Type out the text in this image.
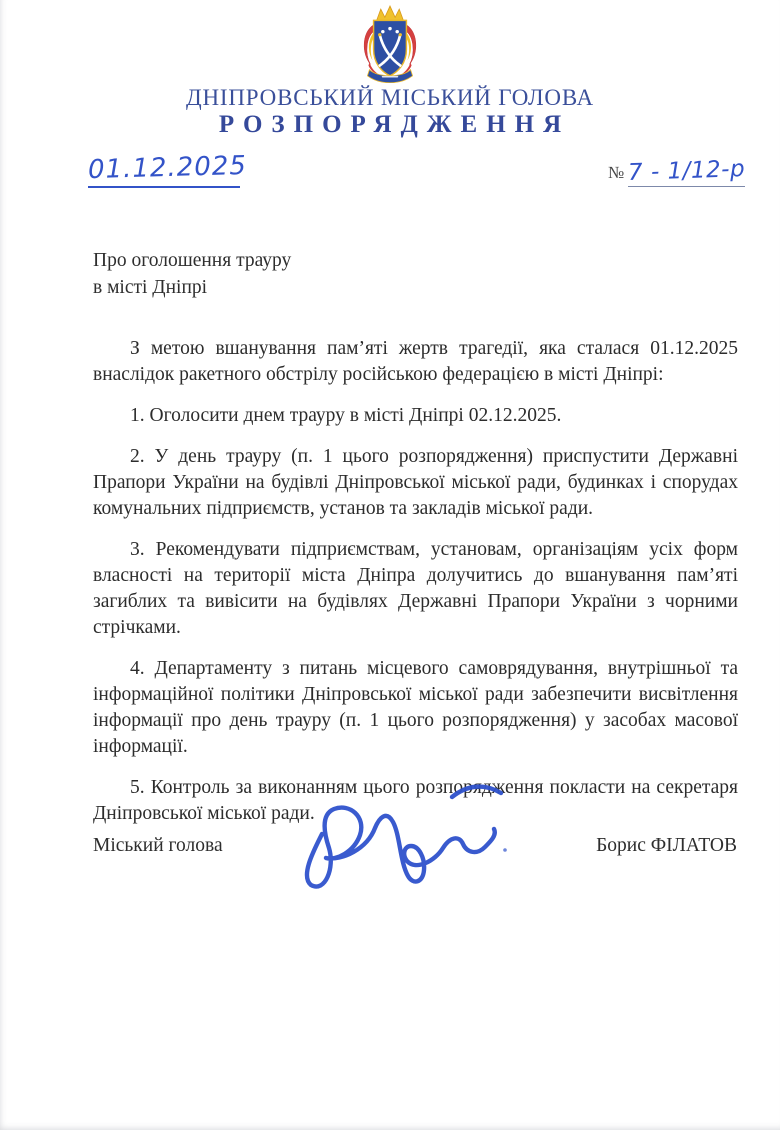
ДНІПРОВСЬКИЙ МІСЬКИЙ ГОЛОВА
РОЗПОРЯДЖЕННЯ
01.12.2025	№ 7 - 1/12-р
Про оголошення трауру
в місті Дніпрі

З метою вшанування пам’яті жертв трагедії, яка сталася 01.12.2025 внаслідок ракетного обстрілу російською федерацією в місті Дніпрі:

1. Оголосити днем трауру в місті Дніпрі 02.12.2025.

2. У день трауру (п. 1 цього розпорядження) приспустити Державні Прапори України на будівлі Дніпровської міської ради, будинках і спорудах комунальних підприємств, установ та закладів міської ради.

3. Рекомендувати підприємствам, установам, організаціям усіх форм власності на території міста Дніпра долучитись до вшанування пам’яті загиблих та вивісити на будівлях Державні Прапори України з чорними стрічками.

4. Департаменту з питань місцевого самоврядування, внутрішньої та інформаційної політики Дніпровської міської ради забезпечити висвітлення інформації про день трауру (п. 1 цього розпорядження) у засобах масової інформації.

5. Контроль за виконанням цього розпорядження покласти на секретаря Дніпровської міської ради.

Міський голова	Борис ФІЛАТОВ
